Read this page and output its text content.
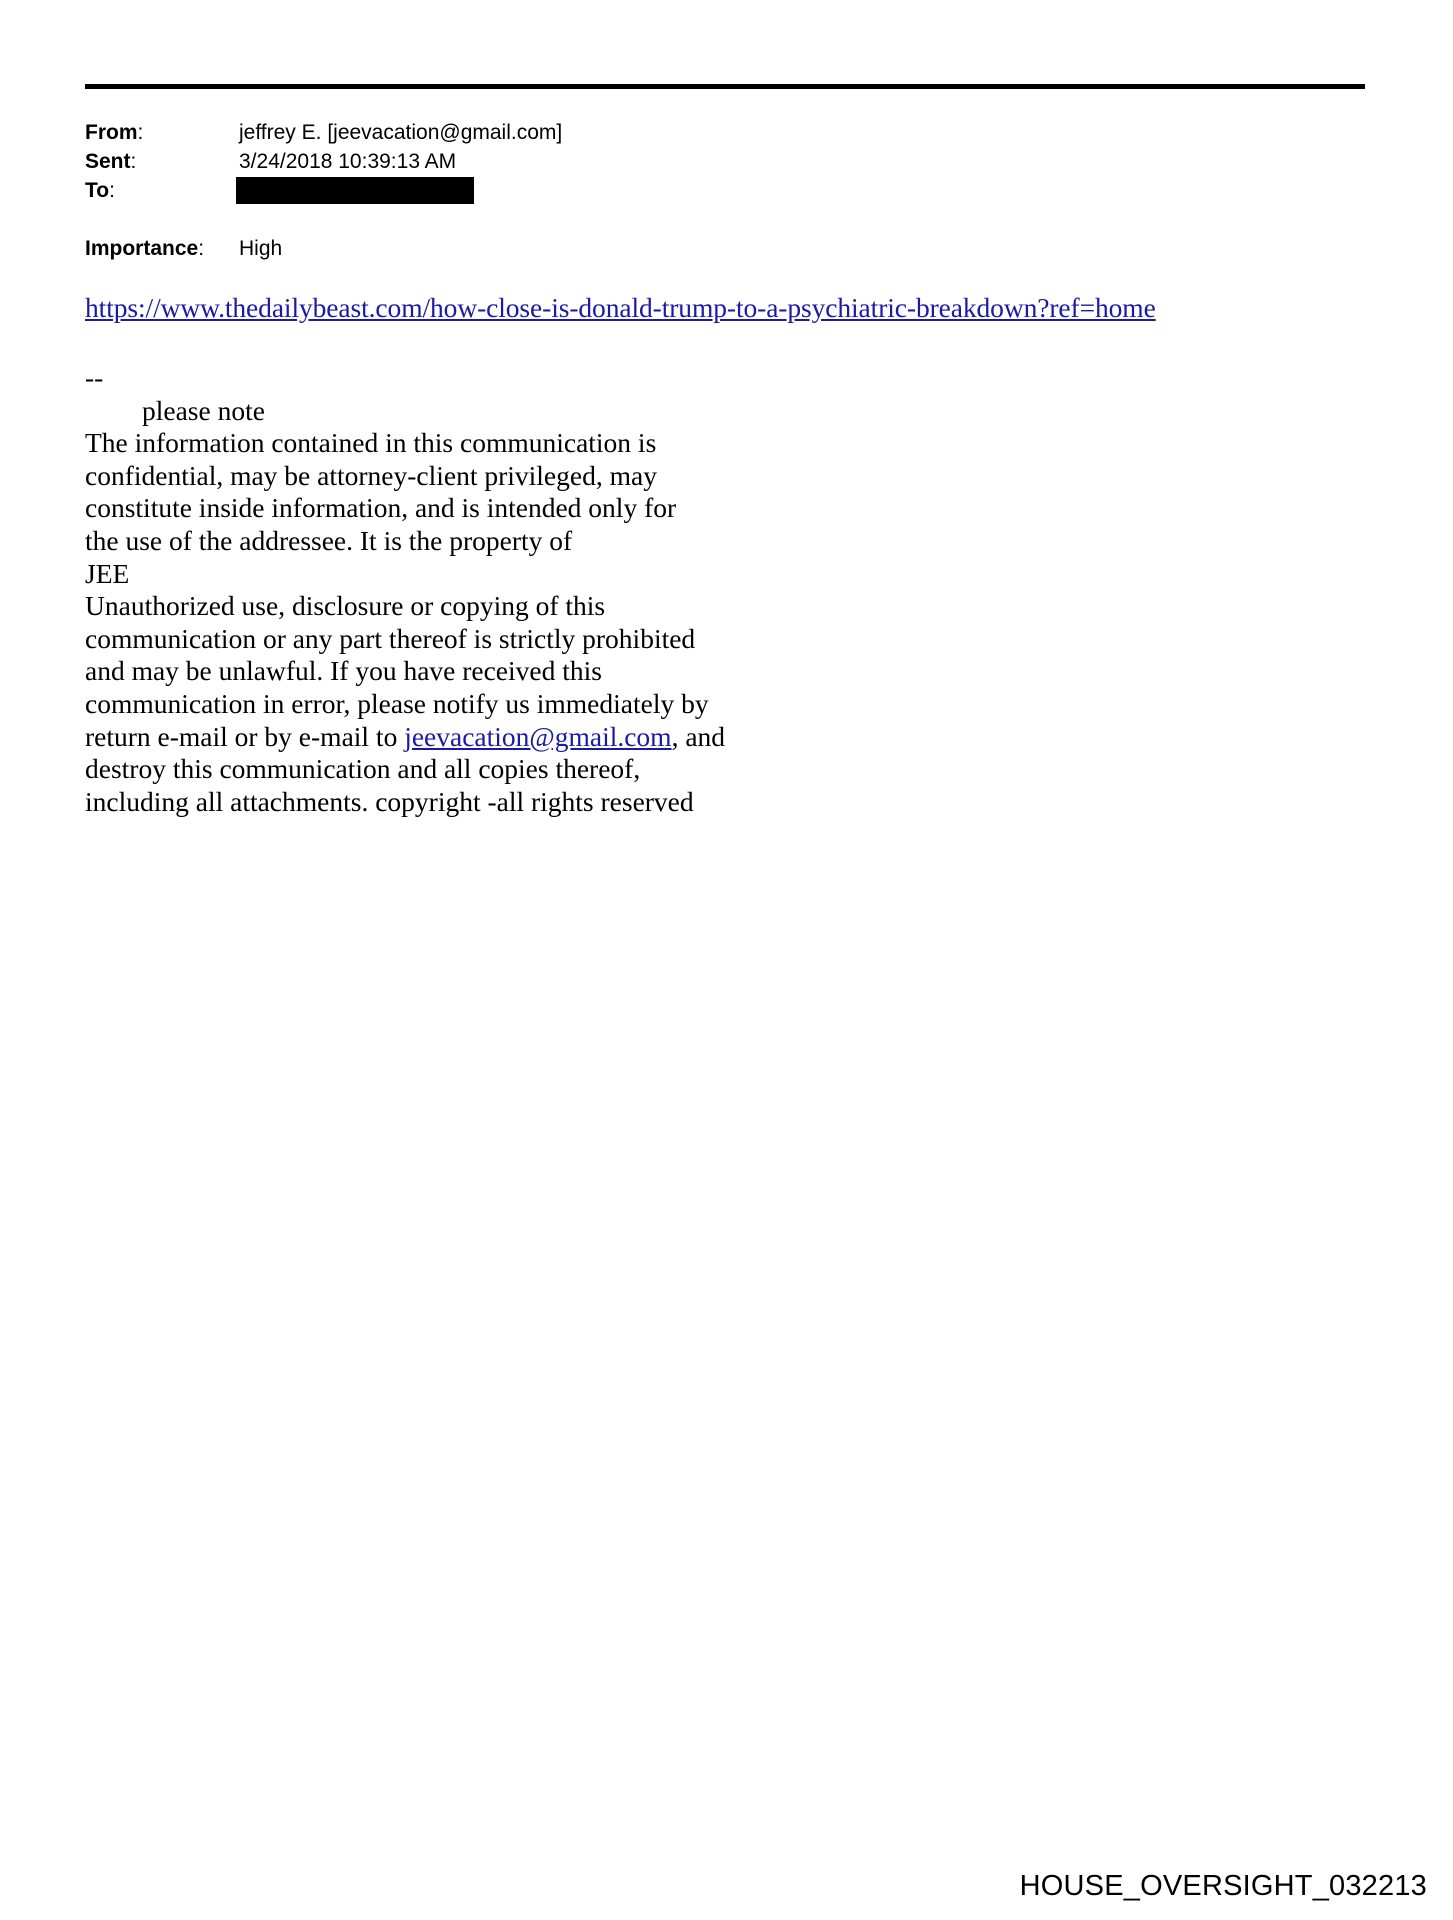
From:	jeffrey E. [jeevacation@gmail.com]
Sent:	3/24/2018 10:39:13 AM
To:
Importance:	High
https://www.thedailybeast.com/how-close-is-donald-trump-to-a-psychiatric-breakdown?ref=home
--
please note
The information contained in this communication is
confidential, may be attorney-client privileged, may
constitute inside information, and is intended only for
the use of the addressee. It is the property of
JEE
Unauthorized use, disclosure or copying of this
communication or any part thereof is strictly prohibited
and may be unlawful. If you have received this
communication in error, please notify us immediately by
return e-mail or by e-mail to jeevacation@gmail.com, and
destroy this communication and all copies thereof,
including all attachments. copyright -all rights reserved
HOUSE_OVERSIGHT_032213
